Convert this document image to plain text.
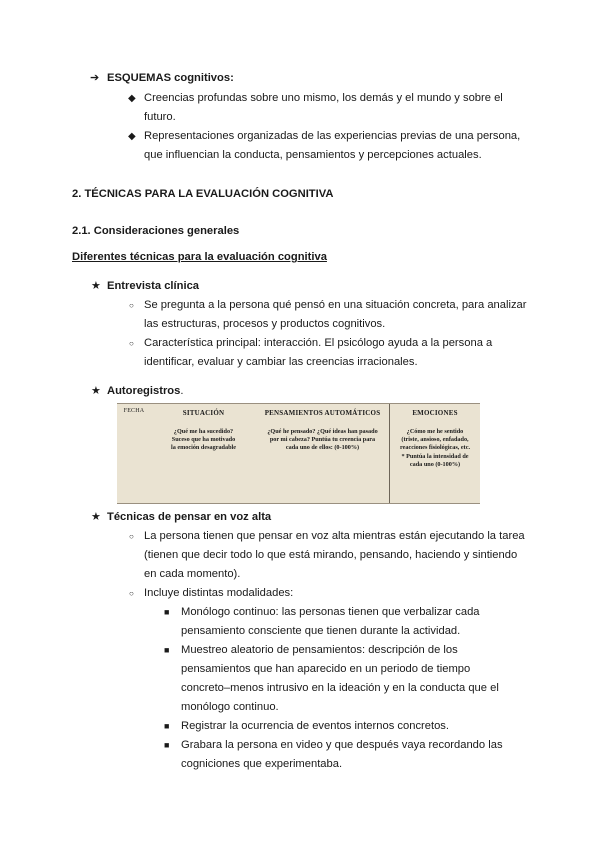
➔ ESQUEMAS cognitivos:
◆ Creencias profundas sobre uno mismo, los demás y el mundo y sobre el
futuro.
◆ Representaciones organizadas de las experiencias previas de una persona,
que influencian la conducta, pensamientos y percepciones actuales.
2. TÉCNICAS PARA LA EVALUACIÓN COGNITIVA
2.1. Consideraciones generales
Diferentes técnicas para la evaluación cognitiva
★ Entrevista clínica
○ Se pregunta a la persona qué pensó en una situación concreta, para analizar
las estructuras, procesos y productos cognitivos.
○ Característica principal: interacción. El psicólogo ayuda a la persona a
identificar, evaluar y cambiar las creencias irracionales.
★ Autoregistros.
FECHA	SITUACIÓN
¿Qué me ha sucedido? Suceso que ha motivado la emoción desagradable
PENSAMIENTOS AUTOMÁTICOS
¿Qué he pensado? ¿Qué ideas han pasado por mi cabeza? Puntúa tu creencia para cada uno de ellos: (0-100%)
EMOCIONES
¿Cómo me he sentido (triste, ansioso, enfadado, reacciones fisiológicas, etc. * Puntúa la intensidad de cada uno (0-100%)
★ Técnicas de pensar en voz alta
○ La persona tienen que pensar en voz alta mientras están ejecutando la tarea
(tienen que decir todo lo que está mirando, pensando, haciendo y sintiendo
en cada momento).
○ Incluye distintas modalidades:
■ Monólogo continuo: las personas tienen que verbalizar cada
pensamiento consciente que tienen durante la actividad.
■ Muestreo aleatorio de pensamientos: descripción de los
pensamientos que han aparecido en un periodo de tiempo
concreto–menos intrusivo en la ideación y en la conducta que el
monólogo continuo.
■ Registrar la ocurrencia de eventos internos concretos.
■ Grabara la persona en video y que después vaya recordando las
cogniciones que experimentaba.
